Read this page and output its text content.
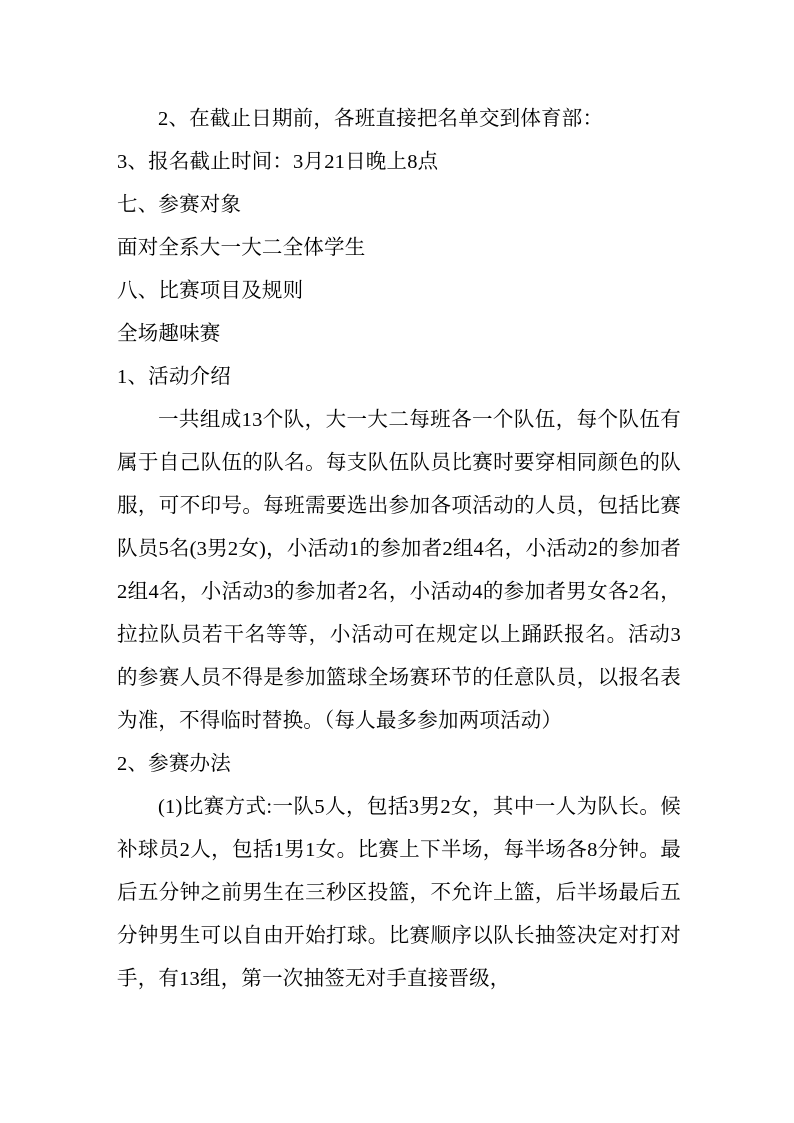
2、在截止日期前，各班直接把名单交到体育部：
3、报名截止时间：3月21日晚上8点
七、参赛对象
面对全系大一大二全体学生
八、比赛项目及规则
全场趣味赛
1、活动介绍
一共组成13个队，大一大二每班各一个队伍，每个队伍有属于自己队伍的队名。每支队伍队员比赛时要穿相同颜色的队服，可不印号。每班需要选出参加各项活动的人员，包括比赛队员5名(3男2女)，小活动1的参加者2组4名，小活动2的参加者2组4名，小活动3的参加者2名，小活动4的参加者男女各2名，拉拉队员若干名等等，小活动可在规定以上踊跃报名。活动3的参赛人员不得是参加篮球全场赛环节的任意队员，以报名表为准，不得临时替换。（每人最多参加两项活动）
2、参赛办法
(1)比赛方式:一队5人，包括3男2女，其中一人为队长。候补球员2人，包括1男1女。比赛上下半场，每半场各8分钟。最后五分钟之前男生在三秒区投篮，不允许上篮，后半场最后五分钟男生可以自由开始打球。比赛顺序以队长抽签决定对打对手，有13组，第一次抽签无对手直接晋级，
